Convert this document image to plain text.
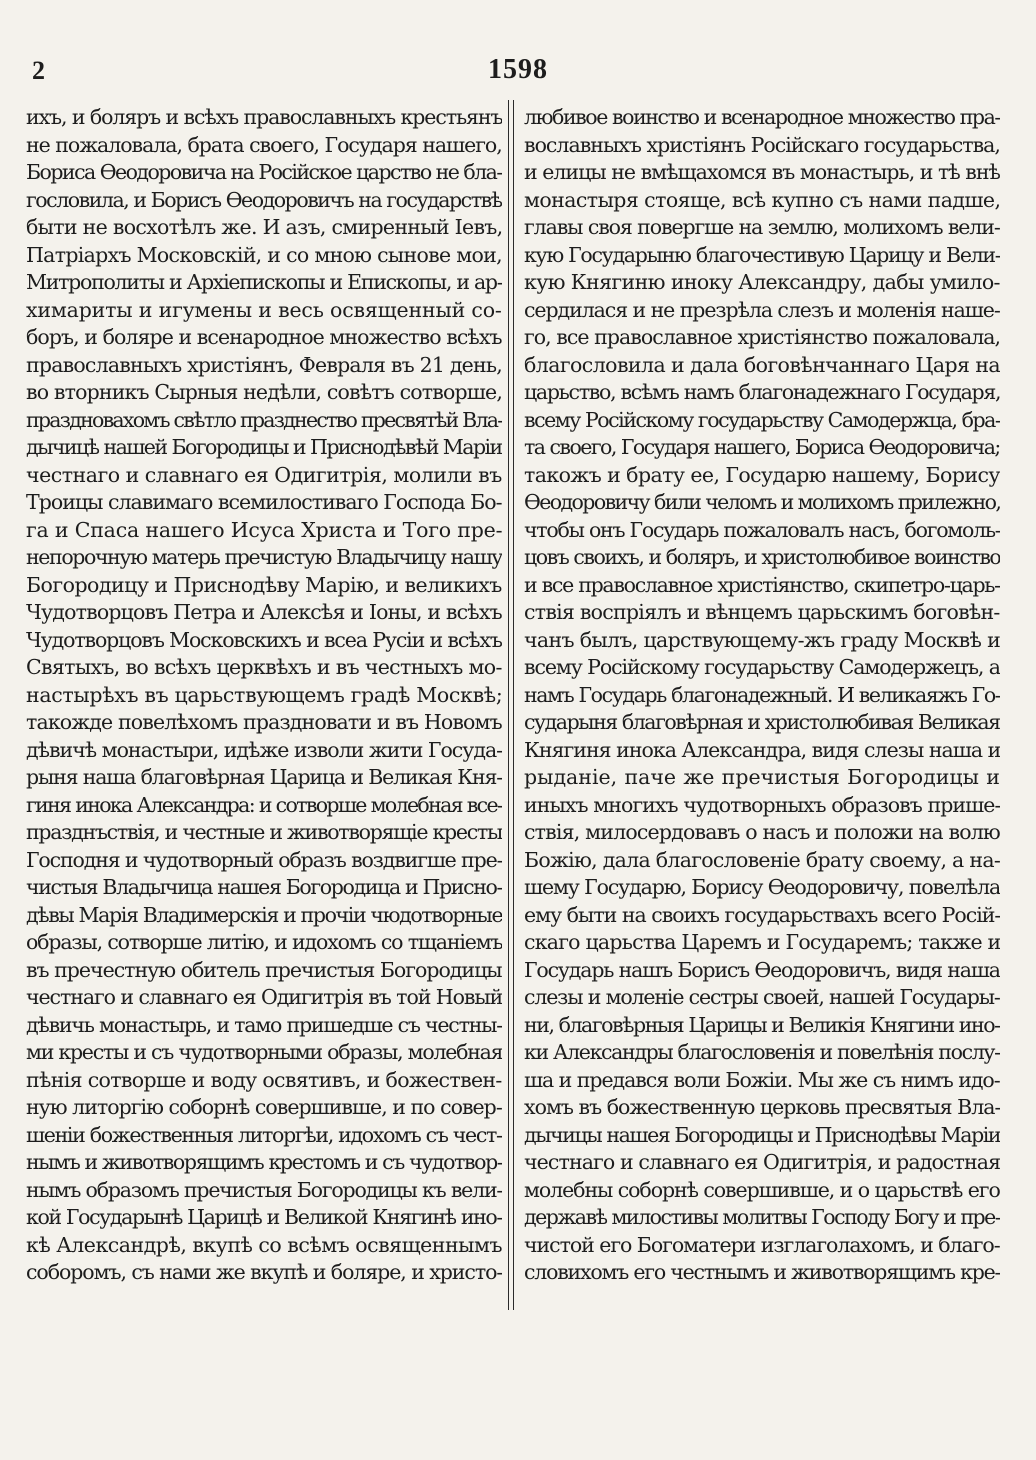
2	1598
ихъ, и боляръ и всѣхъ православныхъ крестьянъ
не пожаловала, брата своего, Государя нашего,
Бориса Ѳеодоровича на Росiйское царство не бла-
гословила, и Борисъ Ѳеодоровичъ на государствѣ
быти не восхотѣлъ же. И азъ, смиренный Iевъ,
Патрiархъ Московскiй, и со мною сынове мои,
Митрополиты и Архiепископы и Епископы, и ар-
химариты и игумены и весь освященный со-
боръ, и боляре и всенародное множество всѣхъ
православныхъ христiянъ, Февраля въ 21 день,
во вторникъ Сырныя недѣли, совѣтъ сотворше,
праздновахомъ свѣтло празднество пресвятѣй Вла-
дычицѣ нашей Богородицы и Приснодѣвѣй Марiи
честнаго и славнаго ея Одигитрiя, молили въ
Троицы славимаго всемилостиваго Господа Бо-
га и Спаса нашего Исуса Христа и Того пре-
непорочную матерь пречистую Владычицу нашу
Богородицу и Приснодѣву Марiю, и великихъ
Чудотворцовъ Петра и Алексѣя и Iоны, и всѣхъ
Чудотворцовъ Московскихъ и всеа Русiи и всѣхъ
Святыхъ, во всѣхъ церквѣхъ и въ честныхъ мо-
настырѣхъ въ царьствующемъ градѣ Москвѣ;
такожде повелѣхомъ праздновати и въ Новомъ
дѣвичѣ монастыри, идѣже изволи жити Госуда-
рыня наша благовѣрная Царица и Великая Кня-
гиня инока Александра: и сотворше молебная все-
празднъствiя, и честные и животворящiе кресты
Господня и чудотворный образъ воздвигше пре-
чистыя Владычица нашея Богородица и Присно-
дѣвы Марiя Владимерскiя и прочiи чюдотворные
образы, сотворше литiю, и идохомъ со тщанiемъ
въ пречестную обитель пречистыя Богородицы
честнаго и славнаго ея Одигитрiя въ той Новый
дѣвичь монастырь, и тамо пришедше съ честны-
ми кресты и съ чудотворными образы, молебная
пѣнiя сотворше и воду освятивъ, и божествен-
ную литоргiю соборнѣ совершивше, и по совер-
шенiи божественныя литоргѣи, идохомъ съ чест-
нымъ и животворящимъ крестомъ и съ чудотвор-
нымъ образомъ пречистыя Богородицы къ вели-
кой Государынѣ Царицѣ и Великой Княгинѣ ино-
кѣ Александрѣ, вкупѣ со всѣмъ освященнымъ
соборомъ, съ нами же вкупѣ и боляре, и христо-
любивое воинство и всенародное множество пра-
вославныхъ христiянъ Росiйскаго государьства,
и елицы не вмѣщахомся въ монастырь, и тѣ внѣ
монастыря стояще, всѣ купно съ нами падше,
главы своя повергше на землю, молихомъ вели-
кую Государыню благочестивую Царицу и Вели-
кую Княгиню иноку Александру, дабы умило-
сердилася и не презрѣла слезъ и моленiя наше-
го, все православное христiянство пожаловала,
благословила и дала боговѣнчаннаго Царя на
царьство, всѣмъ намъ благонадежнаго Государя,
всему Росiйскому государьству Самодержца, бра-
та своего, Государя нашего, Бориса Ѳеодоровича;
такожъ и брату ее, Государю нашему, Борису
Ѳеодоровичу били челомъ и молихомъ прилежно,
чтобы онъ Государь пожаловалъ насъ, богомоль-
цовъ своихъ, и боляръ, и христолюбивое воинство
и все православное христiянство, скипетро-царь-
ствiя воспрiялъ и вѣнцемъ царьскимъ боговѣн-
чанъ былъ, царствующему-жъ граду Москвѣ и
всему Росiйскому государьству Самодержецъ, а
намъ Государь благонадежный. И великаяжъ Го-
сударыня благовѣрная и христолюбивая Великая
Княгиня инока Александра, видя слезы наша и
рыданiе, паче же пречистыя Богородицы и
иныхъ многихъ чудотворныхъ образовъ прише-
ствiя, милосердовавъ о насъ и положи на волю
Божiю, дала благословенiе брату своему, а на-
шему Государю, Борису Ѳеодоровичу, повелѣла
ему быти на своихъ государьствахъ всего Росiй-
скаго царьства Царемъ и Государемъ; также и
Государь нашъ Борисъ Ѳеодоровичъ, видя наша
слезы и моленiе сестры своей, нашей Государы-
ни, благовѣрныя Царицы и Великiя Княгини ино-
ки Александры благословенiя и повелѣнiя послу-
ша и предався воли Божiи. Мы же съ нимъ идо-
хомъ въ божественную церковь пресвятыя Вла-
дычицы нашея Богородицы и Приснодѣвы Марiи
честнаго и славнаго ея Одигитрiя, и радостная
молебны соборнѣ совершивше, и о царьствѣ его
державѣ милостивы молитвы Господу Богу и пре-
чистой его Богоматери изглаголахомъ, и благо-
словихомъ его честнымъ и животворящимъ кре-
